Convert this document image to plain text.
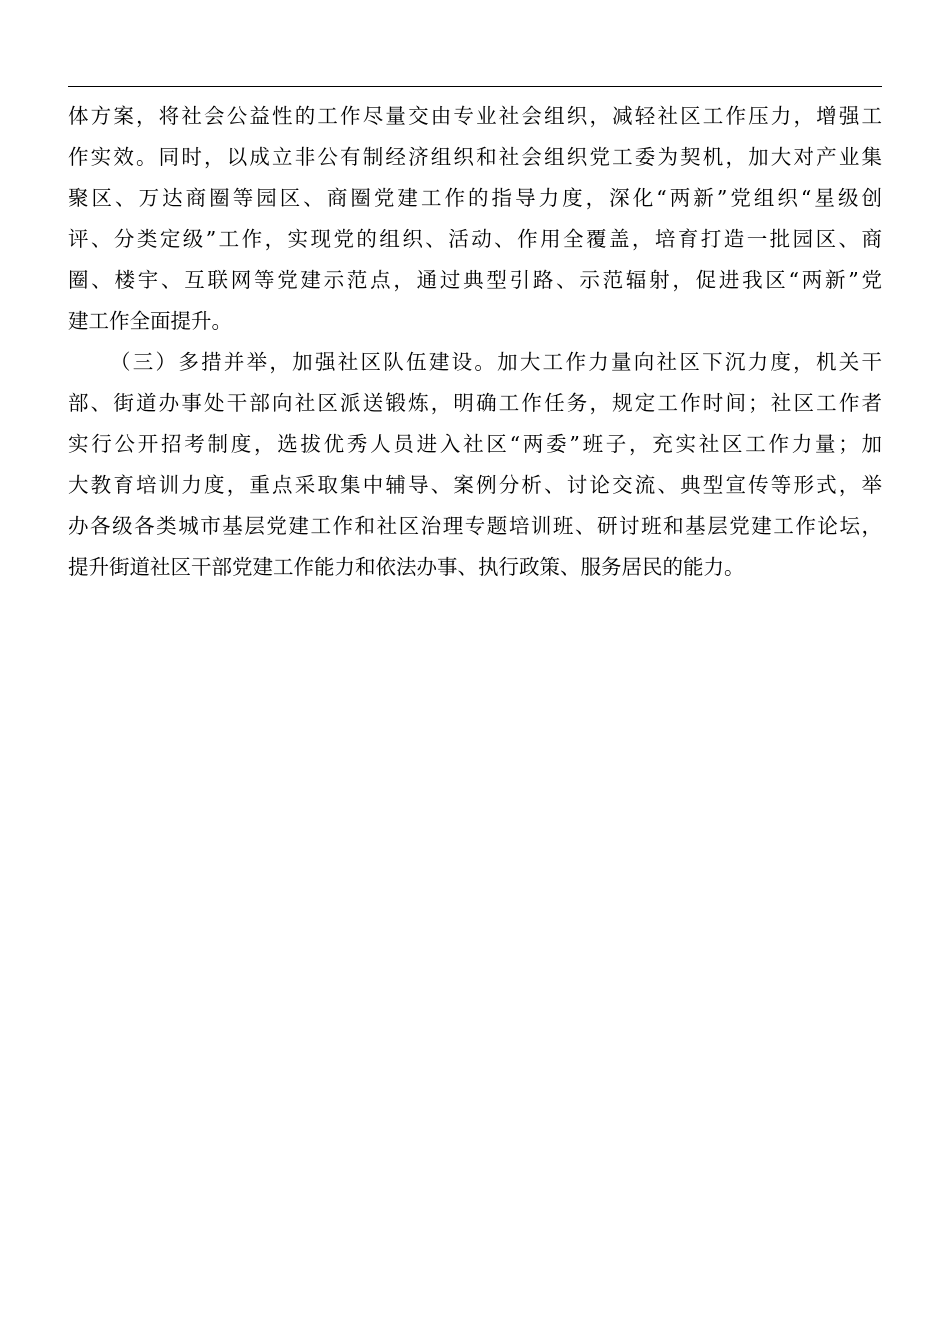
体方案，将社会公益性的工作尽量交由专业社会组织，减轻社区工作压力，增强工
作实效。同时，以成立非公有制经济组织和社会组织党工委为契机，加大对产业集
聚区、万达商圈等园区、商圈党建工作的指导力度，深化“两新”党组织“星级创
评、分类定级”工作，实现党的组织、活动、作用全覆盖，培育打造一批园区、商
圈、楼宇、互联网等党建示范点，通过典型引路、示范辐射，促进我区“两新”党
建工作全面提升。
（三）多措并举，加强社区队伍建设。加大工作力量向社区下沉力度，机关干
部、街道办事处干部向社区派送锻炼，明确工作任务，规定工作时间；社区工作者
实行公开招考制度，选拔优秀人员进入社区“两委”班子，充实社区工作力量；加
大教育培训力度，重点采取集中辅导、案例分析、讨论交流、典型宣传等形式，举
办各级各类城市基层党建工作和社区治理专题培训班、研讨班和基层党建工作论坛，
提升街道社区干部党建工作能力和依法办事、执行政策、服务居民的能力。
